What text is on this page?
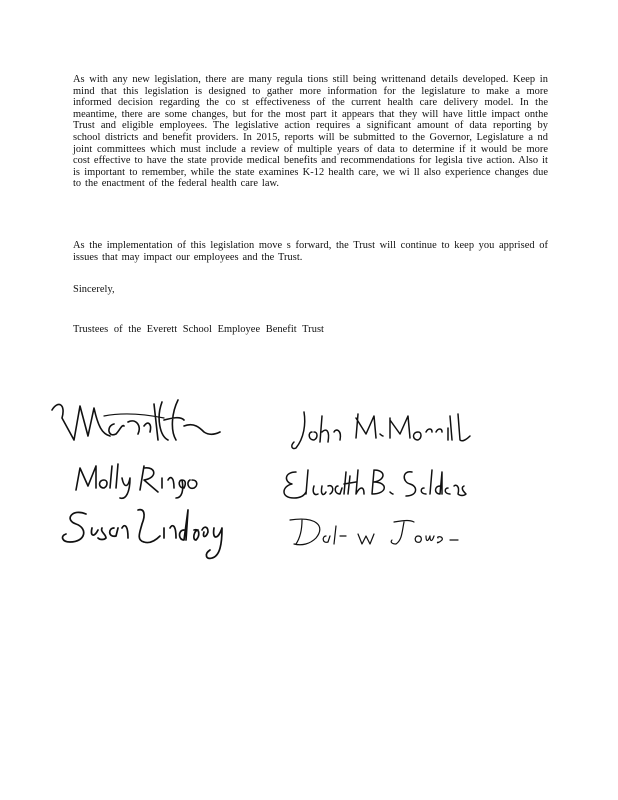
As with any new legislation, there are many regula tions still being writtenand details developed. Keep in mind that this legislation is designed to gather more information for the legislature to make a more informed decision regarding the co st effectiveness of the current health care delivery model. In the meantime, there are some changes, but for the most part it appears that they will have little impact onthe Trust and eligible employees. The legislative action requires a significant amount of data reporting by school districts and benefit providers. In 2015, reports will be submitted to the Governor, Legislature a nd joint committees which must include a review of multiple years of data to determine if it would be more cost effective to have the state provide medical benefits and recommendations for legisla tive action. Also it is important to remember, while the state examines K-12 health care, we wi ll also experience changes due to the enactment of the federal health care law.

As the implementation of this legislation move s forward, the Trust will continue to keep you apprised of issues that may impact our employees and the Trust.

Sincerely,

Trustees of the Everett School Employee Benefit Trust
